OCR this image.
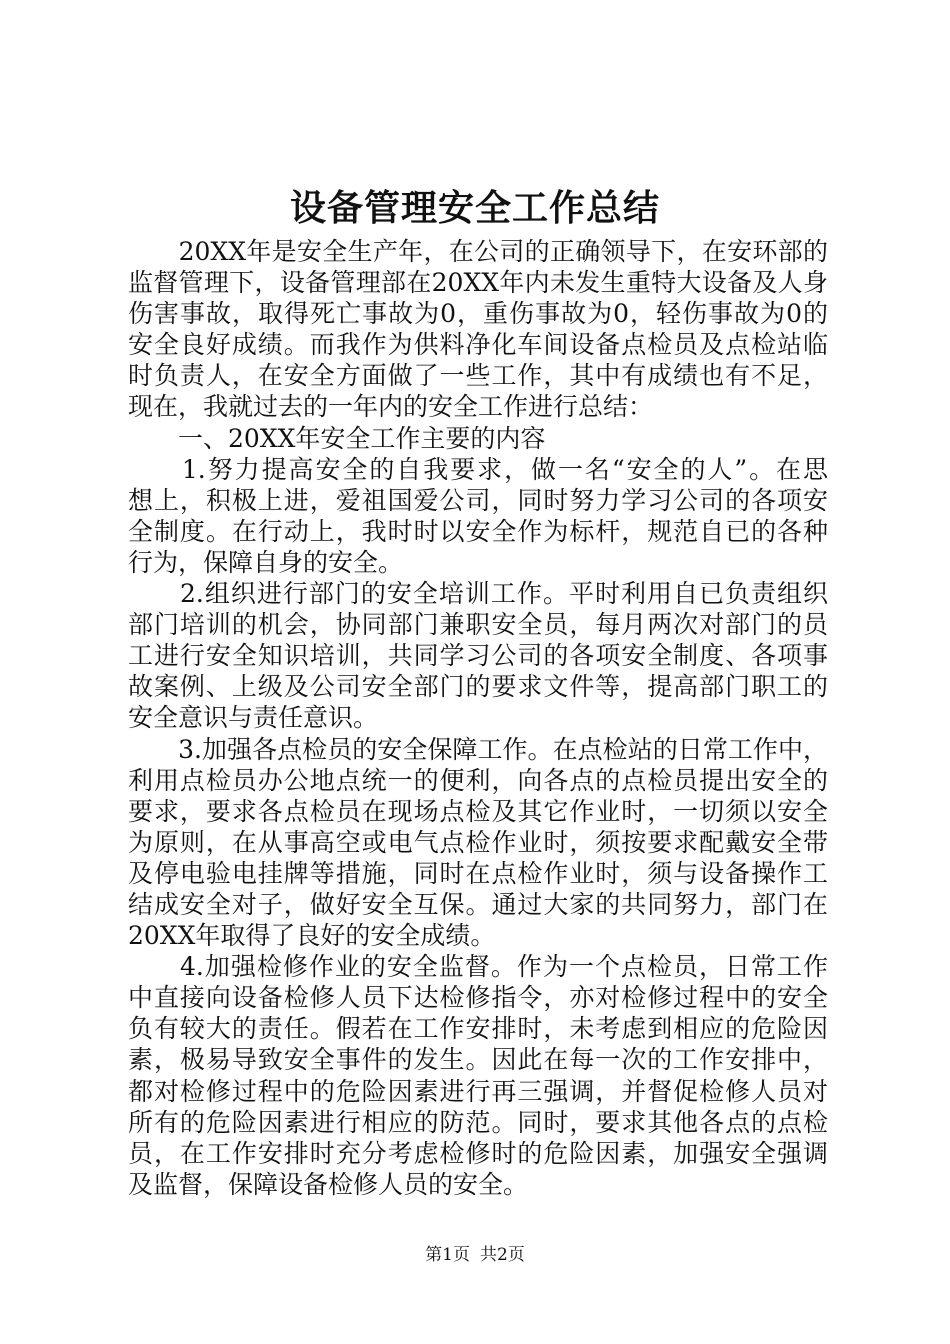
设备管理安全工作总结
　　20XX年是安全生产年，在公司的正确领导下，在安环部的
监督管理下，设备管理部在20XX年内未发生重特大设备及人身
伤害事故，取得死亡事故为0，重伤事故为0，轻伤事故为0的
安全良好成绩。而我作为供料净化车间设备点检员及点检站临
时负责人，在安全方面做了一些工作，其中有成绩也有不足，
现在，我就过去的一年内的安全工作进行总结：
　　一、20XX年安全工作主要的内容
　　1.努力提高安全的自我要求，做一名“安全的人”。在思
想上，积极上进，爱祖国爱公司，同时努力学习公司的各项安
全制度。在行动上，我时时以安全作为标杆，规范自已的各种
行为，保障自身的安全。
　　2.组织进行部门的安全培训工作。平时利用自已负责组织
部门培训的机会，协同部门兼职安全员，每月两次对部门的员
工进行安全知识培训，共同学习公司的各项安全制度、各项事
故案例、上级及公司安全部门的要求文件等，提高部门职工的
安全意识与责任意识。
　　3.加强各点检员的安全保障工作。在点检站的日常工作中，
利用点检员办公地点统一的便利，向各点的点检员提出安全的
要求，要求各点检员在现场点检及其它作业时，一切须以安全
为原则，在从事高空或电气点检作业时，须按要求配戴安全带
及停电验电挂牌等措施，同时在点检作业时，须与设备操作工
结成安全对子，做好安全互保。通过大家的共同努力，部门在
20XX年取得了良好的安全成绩。
　　4.加强检修作业的安全监督。作为一个点检员，日常工作
中直接向设备检修人员下达检修指令，亦对检修过程中的安全
负有较大的责任。假若在工作安排时，未考虑到相应的危险因
素，极易导致安全事件的发生。因此在每一次的工作安排中，
都对检修过程中的危险因素进行再三强调，并督促检修人员对
所有的危险因素进行相应的防范。同时，要求其他各点的点检
员，在工作安排时充分考虑检修时的危险因素，加强安全强调
及监督，保障设备检修人员的安全。
第1页 共2页
